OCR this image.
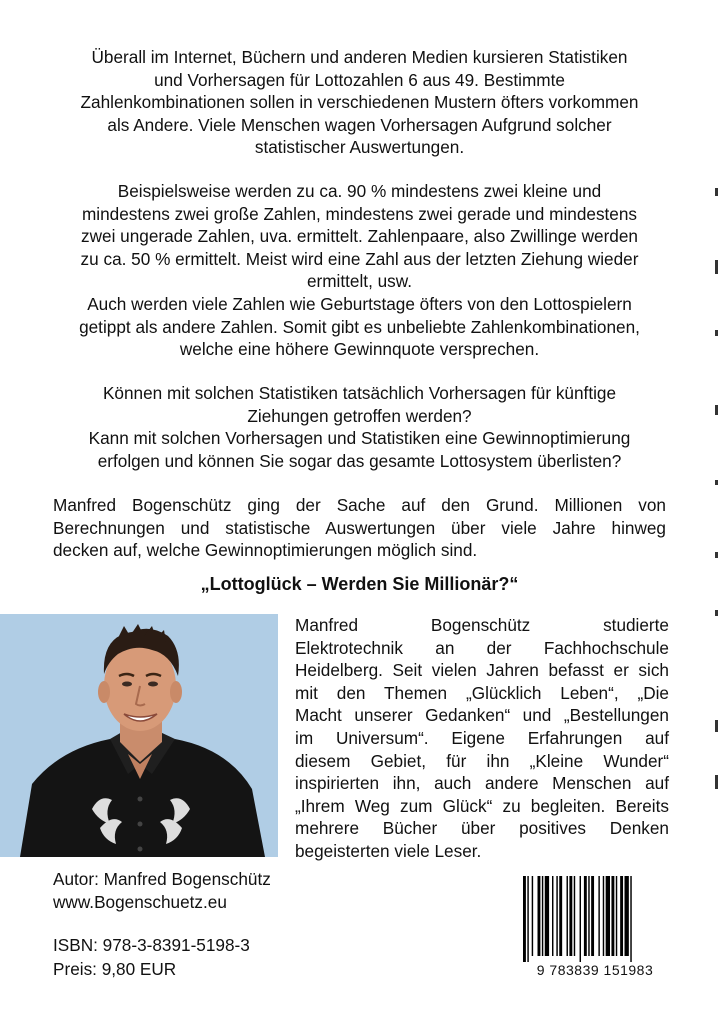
Überall im Internet, Büchern und anderen Medien kursieren Statistiken
und Vorhersagen für Lottozahlen 6 aus 49. Bestimmte
Zahlenkombinationen sollen in verschiedenen Mustern öfters vorkommen
als Andere. Viele Menschen wagen Vorhersagen Aufgrund solcher
statistischer Auswertungen.
Beispielsweise werden zu ca. 90 % mindestens zwei kleine und
mindestens zwei große Zahlen, mindestens zwei gerade und mindestens
zwei ungerade Zahlen, uva. ermittelt. Zahlenpaare, also Zwillinge werden
zu ca. 50 % ermittelt. Meist wird eine Zahl aus der letzten Ziehung wieder
ermittelt, usw.
Auch werden viele Zahlen wie Geburtstage öfters von den Lottospielern
getippt als andere Zahlen. Somit gibt es unbeliebte Zahlenkombinationen,
welche eine höhere Gewinnquote versprechen.
Können mit solchen Statistiken tatsächlich Vorhersagen für künftige
Ziehungen getroffen werden?
Kann mit solchen Vorhersagen und Statistiken eine Gewinnoptimierung
erfolgen und können Sie sogar das gesamte Lottosystem überlisten?
Manfred Bogenschütz ging der Sache auf den Grund. Millionen von
Berechnungen und statistische Auswertungen über viele Jahre hinweg
decken auf, welche Gewinnoptimierungen möglich sind.
„Lottoglück – Werden Sie Millionär?“
Manfred Bogenschütz studierte
Elektrotechnik an der Fachhochschule
Heidelberg. Seit vielen Jahren befasst er sich
mit den Themen „Glücklich Leben“, „Die
Macht unserer Gedanken“ und „Bestellungen
im Universum“. Eigene Erfahrungen auf
diesem Gebiet, für ihn „Kleine Wunder“
inspirierten ihn, auch andere Menschen auf
„Ihrem Weg zum Glück“ zu begleiten. Bereits
mehrere Bücher über positives Denken
begeisterten viele Leser.
Autor: Manfred Bogenschütz
www.Bogenschuetz.eu
ISBN: 978-3-8391-5198-3
Preis: 9,80 EUR	9 783839 151983
